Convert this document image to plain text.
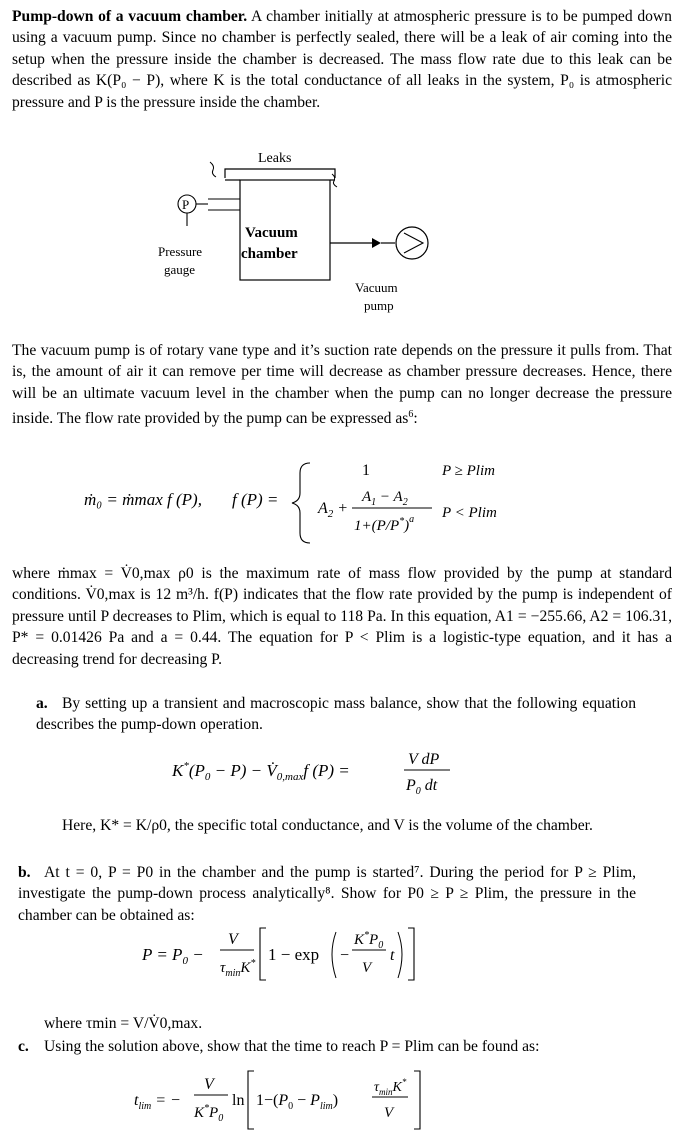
Pump-down of a vacuum chamber. A chamber initially at atmospheric pressure is to be pumped down using a vacuum pump. Since no chamber is perfectly sealed, there will be a leak of air coming into the setup when the pressure inside the chamber is decreased. The mass flow rate due to this leak can be described as K(P₀ − P), where K is the total conductance of all leaks in the system, P₀ is atmospheric pressure and P is the pressure inside the chamber.

Leaks
Vacuum
chamber
P
Pressure
gauge
Vacuum
pump

The vacuum pump is of rotary vane type and it’s suction rate depends on the pressure it pulls from. That is, the amount of air it can remove per time will decrease as chamber pressure decreases. Hence, there will be an ultimate vacuum level in the chamber when the pump can no longer decrease the pressure inside. The flow rate provided by the pump can be expressed $as^6$:

ṁ₀ = ṁmax f (P), f (P) =
1	P ≥ Plim
$A_2$ +
$A_1 - A_2$
$1+(P/P^*)^a$ P < Plim

where ṁmax = V̇0,max ρ0 is the maximum rate of mass flow provided by the pump at standard conditions. V̇0,max is 12 m³/h. f(P) indicates that the flow rate provided by the pump is independent of pressure until P decreases to Plim, which is equal to 118 Pa. In this equation, A1 = −255.66, A2 = 106.31, P* = 0.01426 Pa and a = 0.44. The equation for P < Plim is a logistic-type equation, and it has a decreasing trend for decreasing P.

a. By setting up a transient and macroscopic mass balance, show that the following equation describes the pump-down operation.

$K^*(P_0 - P)$ − $V̇_{0,max}f$ (P) =
V dP
$P_0$ dt

Here, K* = K/ρ0, the specific total conductance, and V is the volume of the chamber.

b. At t = 0, P = P0 in the chamber and the pump is started⁷. During the period for P ≥ Plim, investigate the pump-down process analytically⁸. Show for P0 ≥ P ≥ Plim, the pressure in the chamber can be obtained as:

$P = P_0$ −
V
$\tau_{min}K^*$ 1 − exp −
$K^*P_0$
V
t

where τmin = V/V̇0,max.

c. Using the solution above, show that the time to reach P = Plim can be found as:

$t_{lim}$ = −
V
$K^*P_0$
$\ln 1-(P_0 - P_{lim})$
$\tau_{min}K^*$
V
